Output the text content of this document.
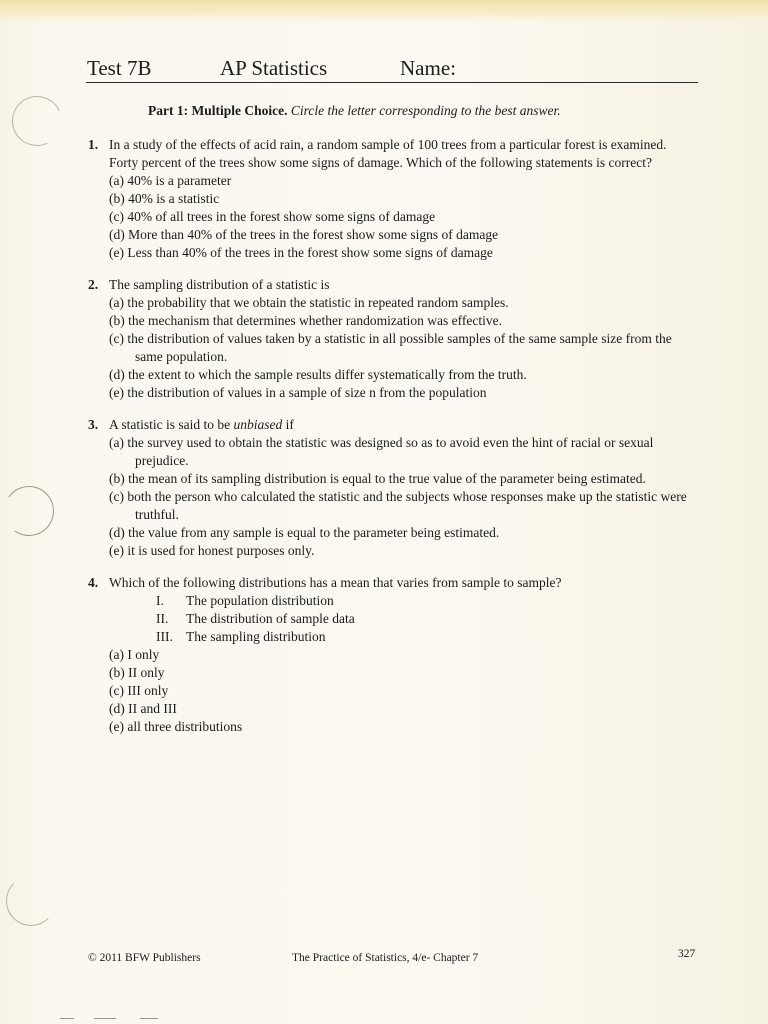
Test 7B	AP Statistics	Name:
Part 1: Multiple Choice. Circle the letter corresponding to the best answer.
1. In a study of the effects of acid rain, a random sample of 100 trees from a particular forest is examined. Forty percent of the trees show some signs of damage. Which of the following statements is correct?
(a) 40% is a parameter
(b) 40% is a statistic
(c) 40% of all trees in the forest show some signs of damage
(d) More than 40% of the trees in the forest show some signs of damage
(e) Less than 40% of the trees in the forest show some signs of damage
2. The sampling distribution of a statistic is
(a) the probability that we obtain the statistic in repeated random samples.
(b) the mechanism that determines whether randomization was effective.
(c) the distribution of values taken by a statistic in all possible samples of the same sample size from the same population.
(d) the extent to which the sample results differ systematically from the truth.
(e) the distribution of values in a sample of size n from the population
3. A statistic is said to be unbiased if
(a) the survey used to obtain the statistic was designed so as to avoid even the hint of racial or sexual prejudice.
(b) the mean of its sampling distribution is equal to the true value of the parameter being estimated.
(c) both the person who calculated the statistic and the subjects whose responses make up the statistic were truthful.
(d) the value from any sample is equal to the parameter being estimated.
(e) it is used for honest purposes only.
4. Which of the following distributions has a mean that varies from sample to sample?
I.	The population distribution
II.	The distribution of sample data
III. The sampling distribution
(a) I only
(b) II only
(c) III only
(d) II and III
(e) all three distributions
© 2011 BFW Publishers	The Practice of Statistics, 4/e- Chapter 7	327
